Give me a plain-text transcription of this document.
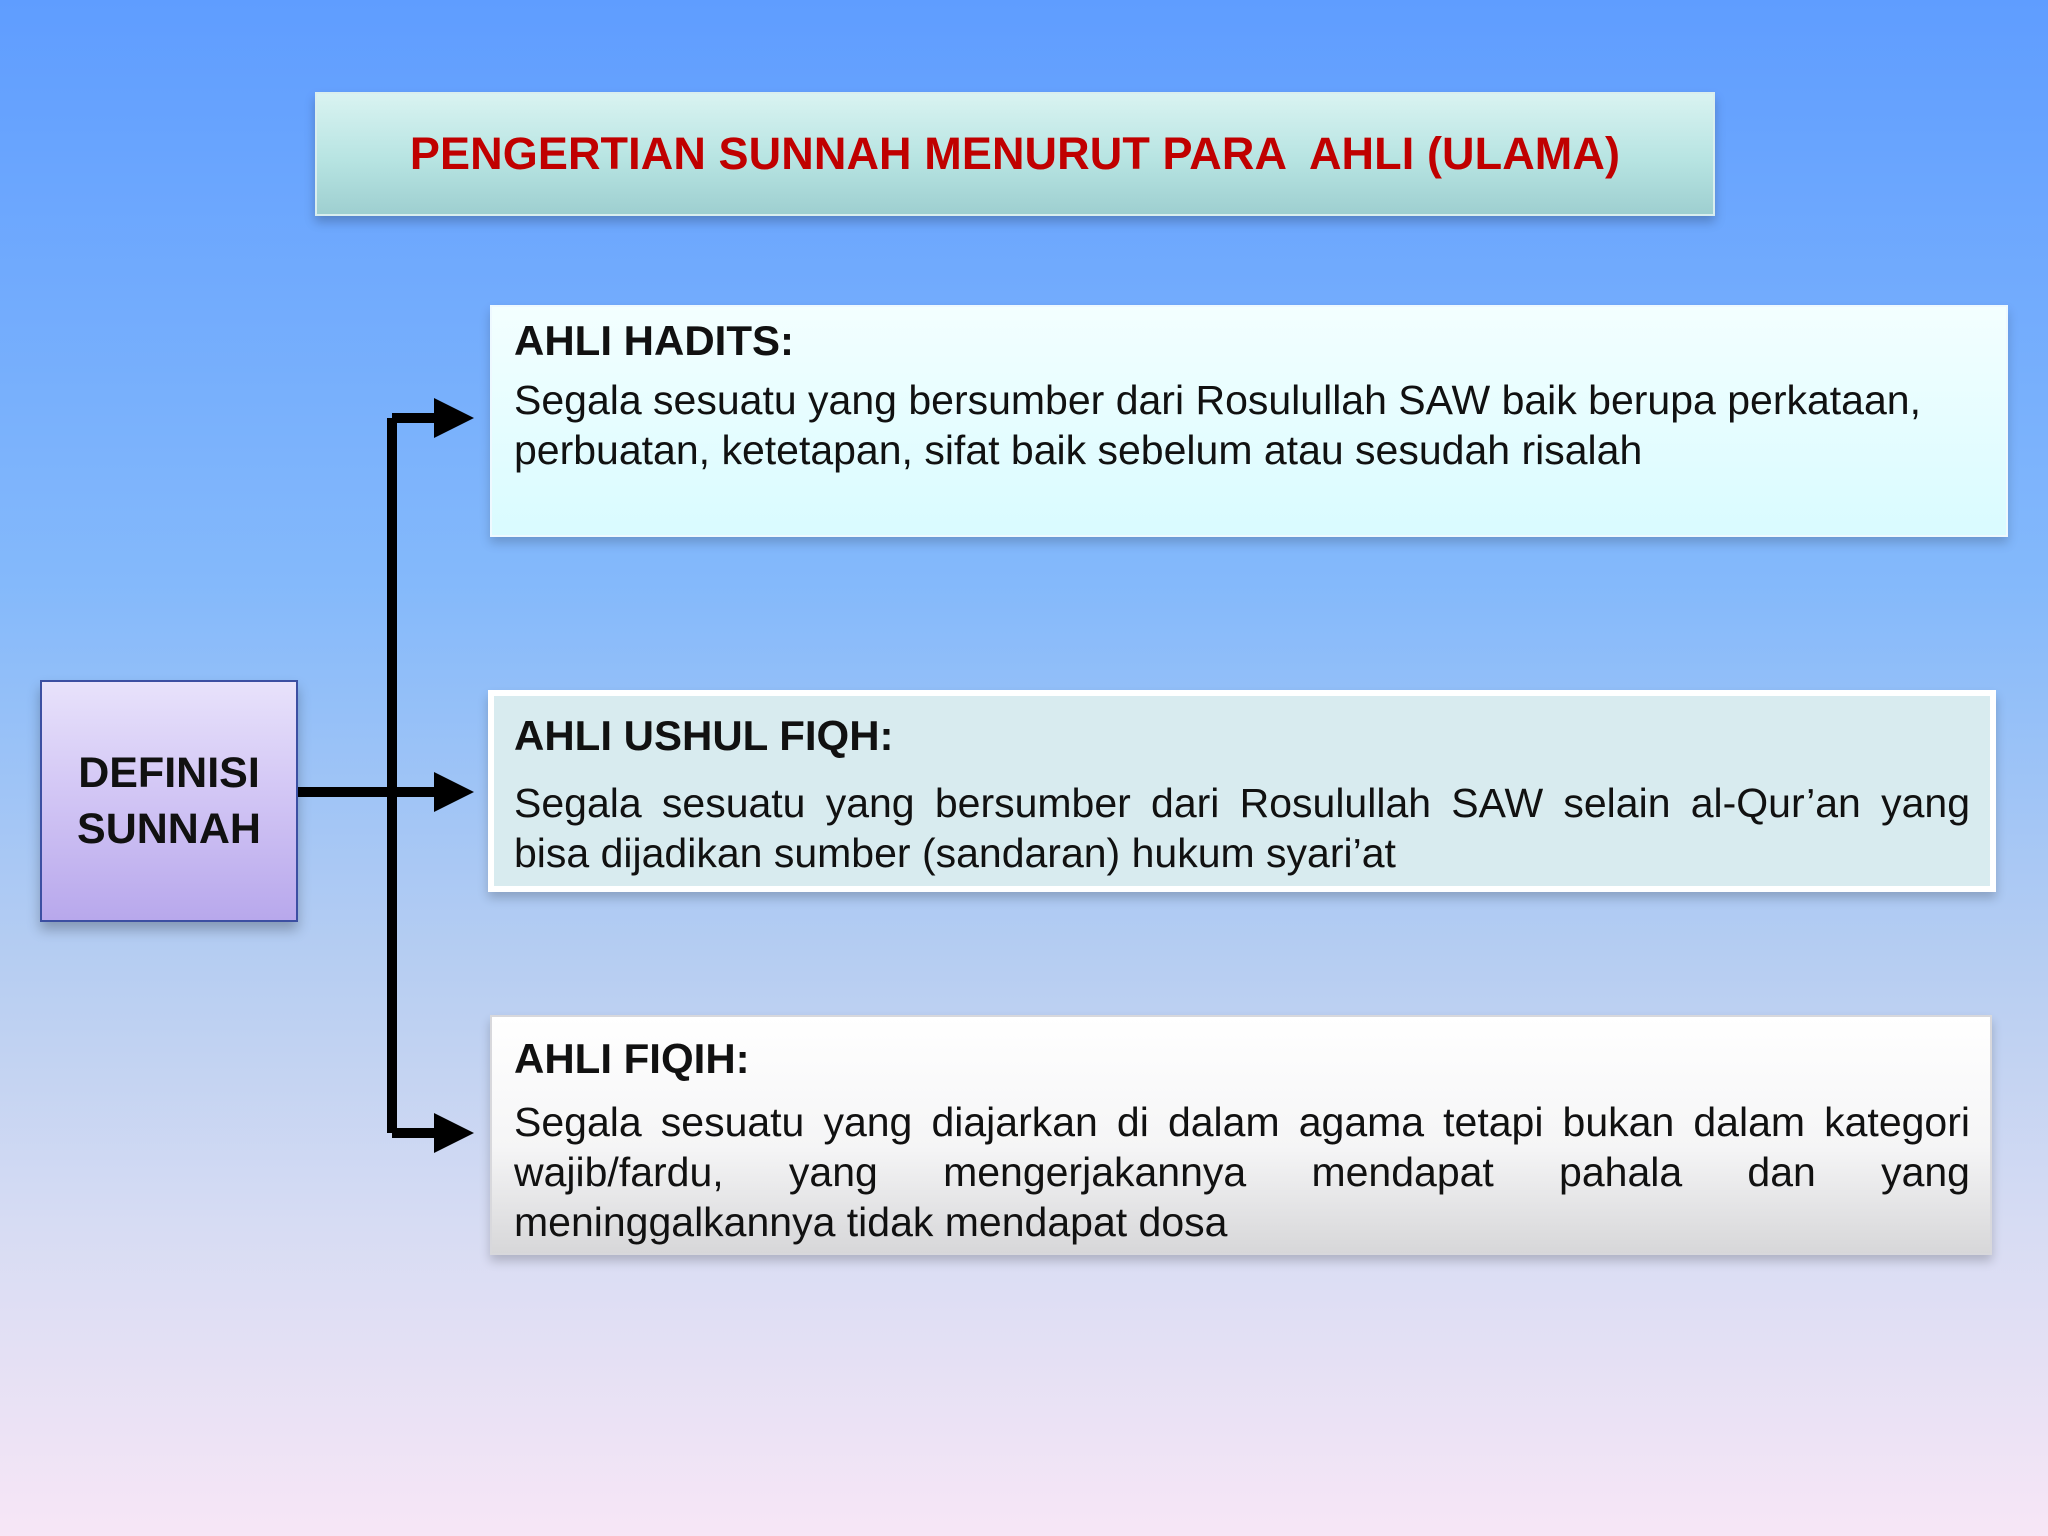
PENGERTIAN SUNNAH MENURUT PARA  AHLI (ULAMA)
DEFINISI
SUNNAH
AHLI HADITS:
Segala sesuatu yang bersumber dari Rosulullah SAW baik berupa perkataan, perbuatan, ketetapan, sifat baik sebelum atau sesudah risalah
AHLI USHUL FIQH:
Segala sesuatu yang bersumber dari Rosulullah SAW selain al-Qur’an yang bisa dijadikan sumber (sandaran) hukum syari’at
AHLI FIQIH:
Segala sesuatu yang diajarkan di dalam agama tetapi bukan dalam kategori wajib/fardu, yang mengerjakannya mendapat pahala dan yang meninggalkannya tidak mendapat dosa
